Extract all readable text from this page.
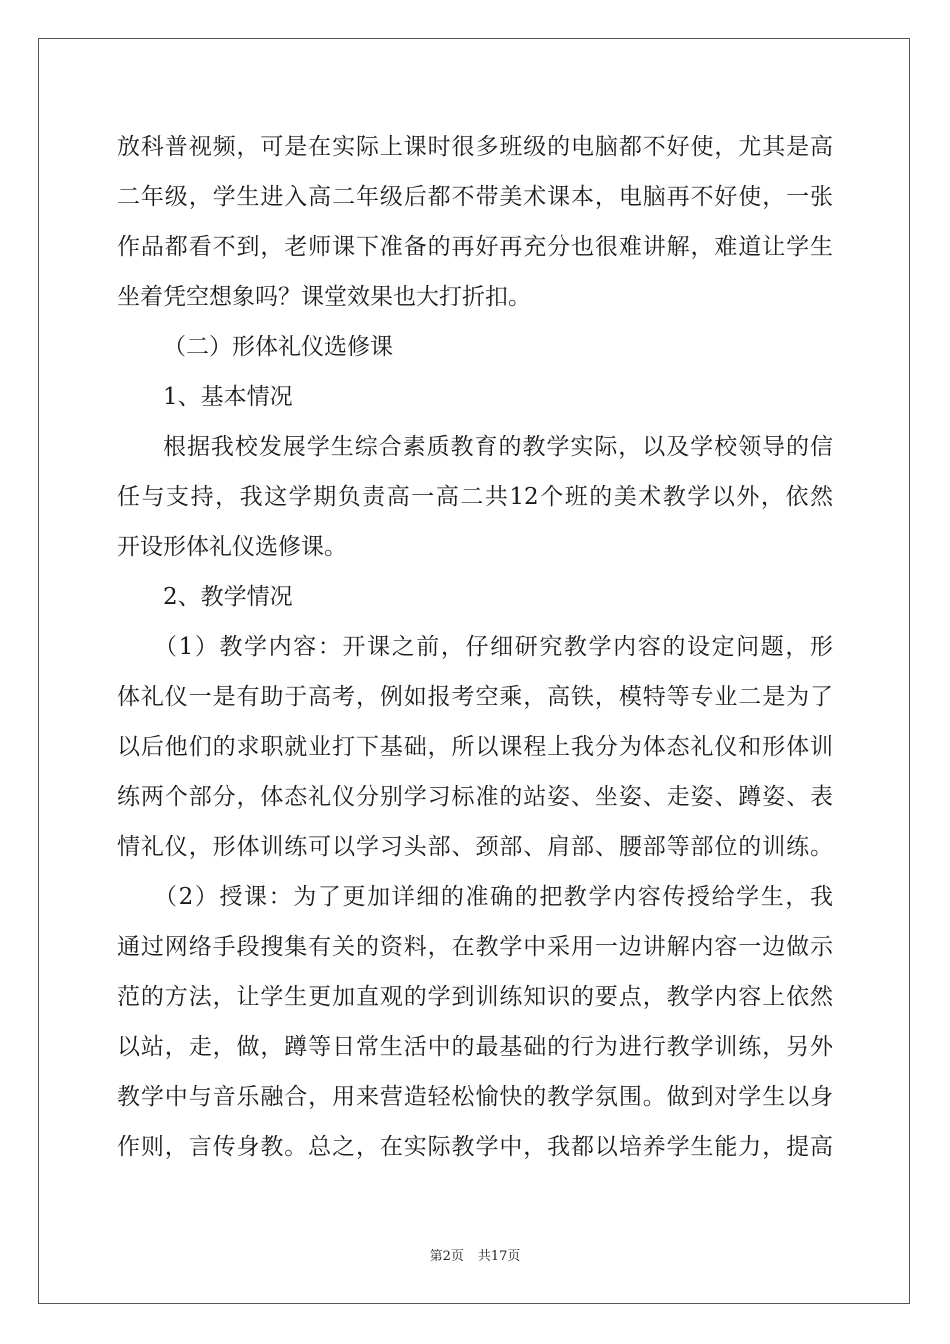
放科普视频，可是在实际上课时很多班级的电脑都不好使，尤其是高
二年级，学生进入高二年级后都不带美术课本，电脑再不好使，一张
作品都看不到，老师课下准备的再好再充分也很难讲解，难道让学生
坐着凭空想象吗？课堂效果也大打折扣。
（二）形体礼仪选修课
1、基本情况
根据我校发展学生综合素质教育的教学实际，以及学校领导的信
任与支持，我这学期负责高一高二共12个班的美术教学以外，依然
开设形体礼仪选修课。
2、教学情况
（1）教学内容：开课之前，仔细研究教学内容的设定问题，形
体礼仪一是有助于高考，例如报考空乘，高铁，模特等专业二是为了
以后他们的求职就业打下基础，所以课程上我分为体态礼仪和形体训
练两个部分，体态礼仪分别学习标准的站姿、坐姿、走姿、蹲姿、表
情礼仪，形体训练可以学习头部、颈部、肩部、腰部等部位的训练。
（2）授课：为了更加详细的准确的把教学内容传授给学生，我
通过网络手段搜集有关的资料，在教学中采用一边讲解内容一边做示
范的方法，让学生更加直观的学到训练知识的要点，教学内容上依然
以站，走，做，蹲等日常生活中的最基础的行为进行教学训练，另外
教学中与音乐融合，用来营造轻松愉快的教学氛围。做到对学生以身
作则，言传身教。总之，在实际教学中，我都以培养学生能力，提高
第2页 共17页
